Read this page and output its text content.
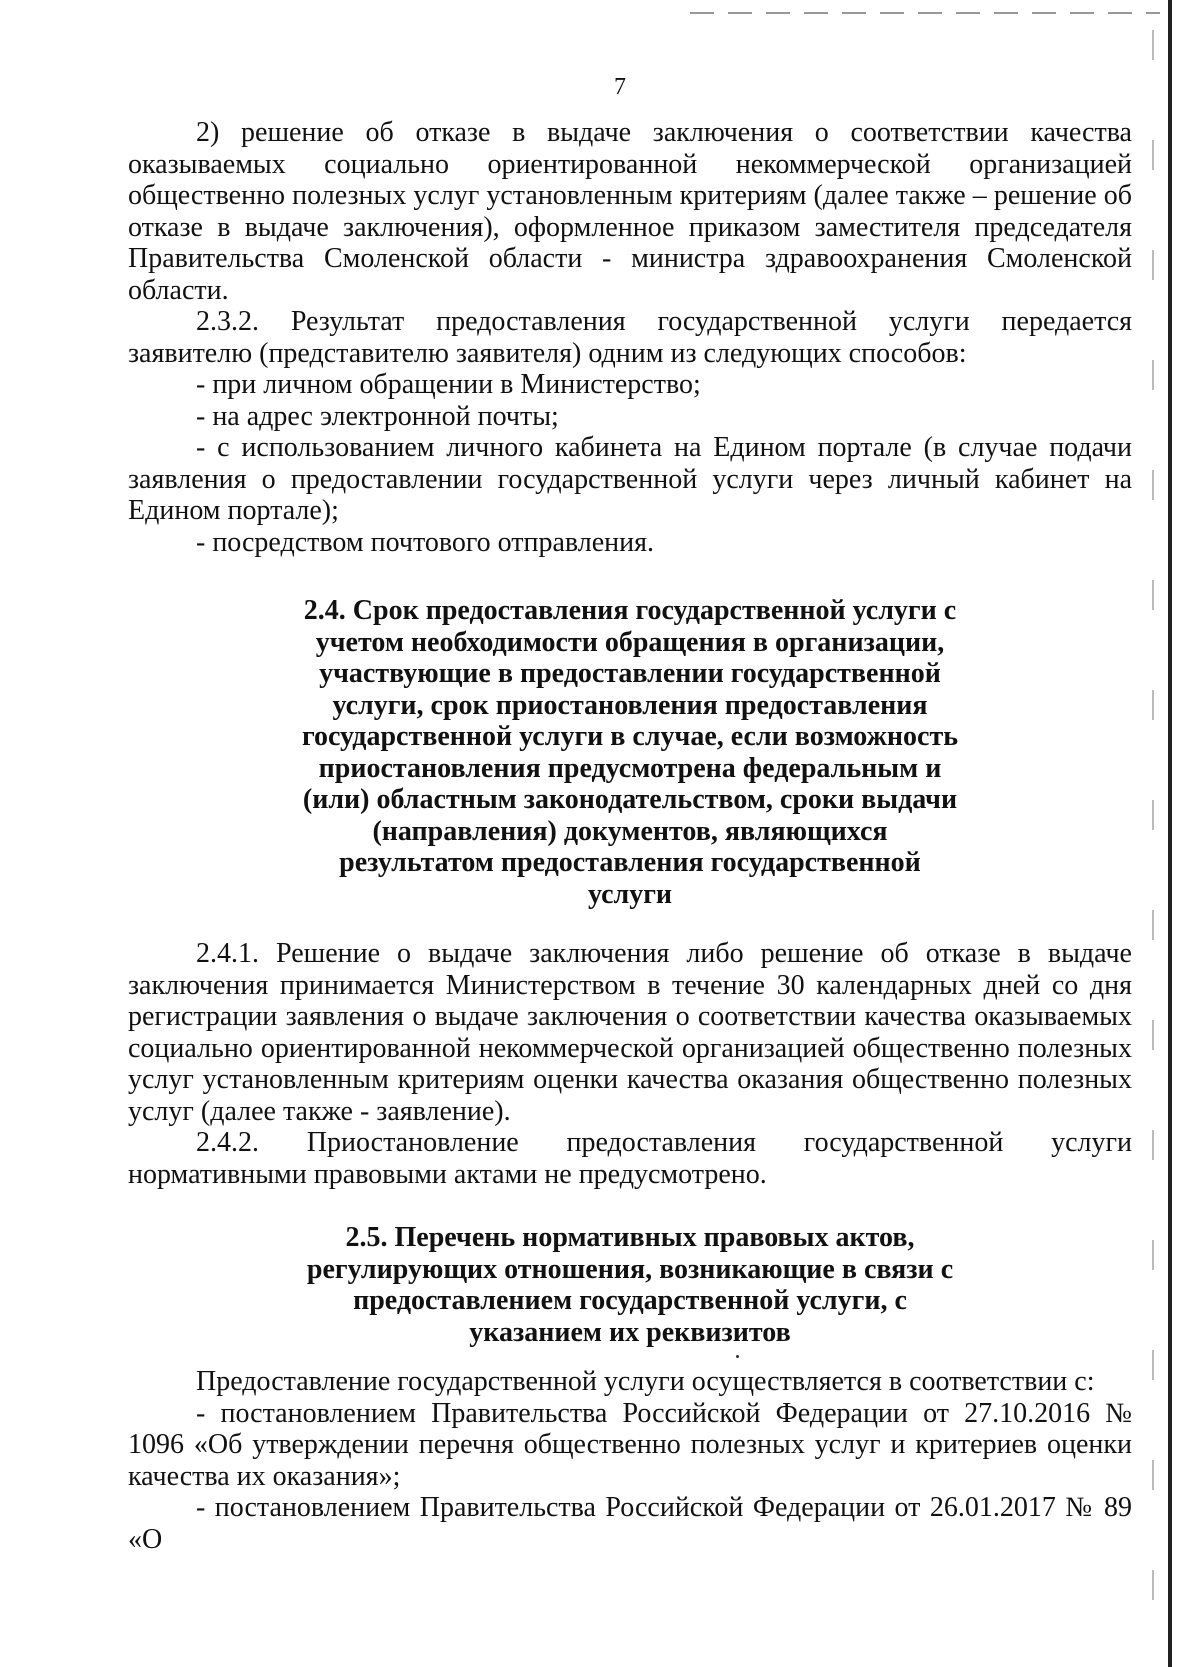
7

2) решение об отказе в выдаче заключения о соответствии качества оказываемых социально ориентированной некоммерческой организацией общественно полезных услуг установленным критериям (далее также – решение об отказе в выдаче заключения), оформленное приказом заместителя председателя Правительства Смоленской области - министра здравоохранения Смоленской области.

2.3.2. Результат предоставления государственной услуги передается заявителю (представителю заявителя) одним из следующих способов:

- при личном обращении в Министерство;

- на адрес электронной почты;

- с использованием личного кабинета на Едином портале (в случае подачи заявления о предоставлении государственной услуги через личный кабинет на Едином портале);

- посредством почтового отправления.

2.4. Срок предоставления государственной услуги с
учетом необходимости обращения в организации,
участвующие в предоставлении государственной
услуги, срок приостановления предоставления
государственной услуги в случае, если возможность
приостановления предусмотрена федеральным и
(или) областным законодательством, сроки выдачи
(направления) документов, являющихся
результатом предоставления государственной
услуги

2.4.1. Решение о выдаче заключения либо решение об отказе в выдаче заключения принимается Министерством в течение 30 календарных дней со дня регистрации заявления о выдаче заключения о соответствии качества оказываемых социально ориентированной некоммерческой организацией общественно полезных услуг установленным критериям оценки качества оказания общественно полезных услуг (далее также - заявление).

2.4.2. Приостановление предоставления государственной услуги нормативными правовыми актами не предусмотрено.

2.5. Перечень нормативных правовых актов,
регулирующих отношения, возникающие в связи с
предоставлением государственной услуги, с
указанием их реквизитов

Предоставление государственной услуги осуществляется в соответствии с:

- постановлением Правительства Российской Федерации от 27.10.2016 № 1096 «Об утверждении перечня общественно полезных услуг и критериев оценки качества их оказания»;

- постановлением Правительства Российской Федерации от 26.01.2017 № 89 «О
